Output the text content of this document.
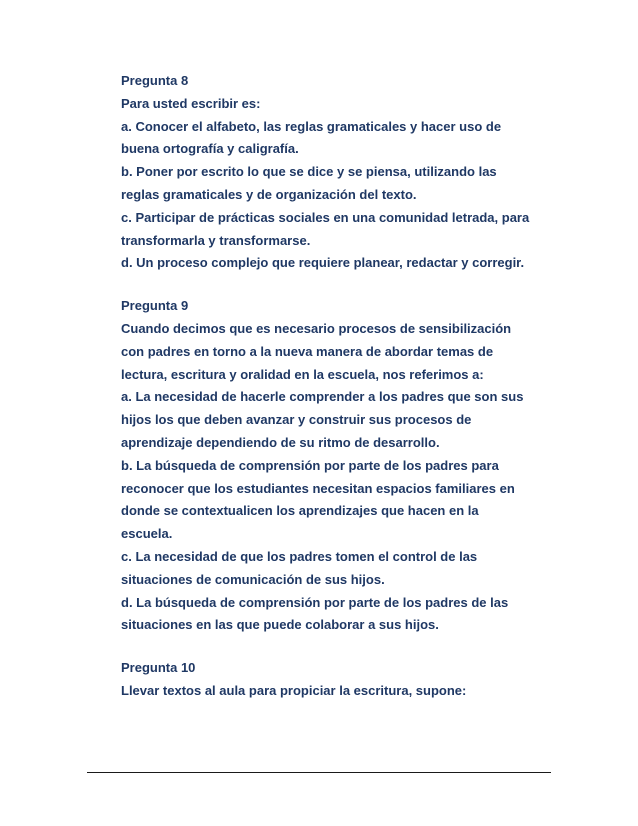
Pregunta 8

Para usted escribir es:

a. Conocer el alfabeto, las reglas gramaticales y hacer uso de

buena ortografía y caligrafía.

b. Poner por escrito lo que se dice y se piensa, utilizando las

reglas gramaticales y de organización del texto.

c. Participar de prácticas sociales en una comunidad letrada, para

transformarla y transformarse.

d. Un proceso complejo que requiere planear, redactar y corregir.

Pregunta 9

Cuando decimos que es necesario procesos de sensibilización

con padres en torno a la nueva manera de abordar temas de

lectura, escritura y oralidad en la escuela, nos referimos a:

a. La necesidad de hacerle comprender a los padres que son sus

hijos los que deben avanzar y construir sus procesos de

aprendizaje dependiendo de su ritmo de desarrollo.

b. La búsqueda de comprensión por parte de los padres para

reconocer que los estudiantes necesitan espacios familiares en

donde se contextualicen los aprendizajes que hacen en la

escuela.

c. La necesidad de que los padres tomen el control de las

situaciones de comunicación de sus hijos.

d. La búsqueda de comprensión por parte de los padres de las

situaciones en las que puede colaborar a sus hijos.

Pregunta 10

Llevar textos al aula para propiciar la escritura, supone:
